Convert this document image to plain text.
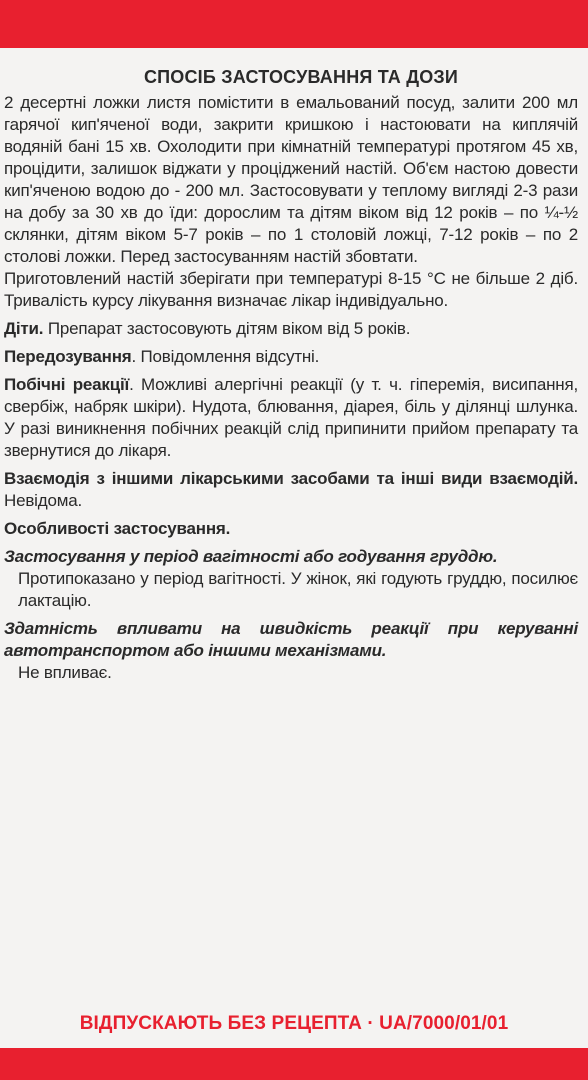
СПОСІБ ЗАСТОСУВАННЯ ТА ДОЗИ

2 десертні ложки листя помістити в емальований посуд, залити 200 мл гарячої кип'яченої води, закрити кришкою і настоювати на киплячій водяній бані 15 хв. Охолодити при кімнатній температурі протягом 45 хв, процідити, залишок віджати у проціджений настій. Об'єм настою довести кип'яченою водою до - 200 мл. Застосовувати у теплому вигляді 2-3 рази на добу за 30 хв до їди: дорослим та дітям віком від 12 років – по ¼-½ склянки, дітям віком 5-7 років – по 1 столовій ложці, 7-12 років – по 2 столові ложки. Перед застосуванням настій збовтати.

Приготовлений настій зберігати при температурі 8-15 °С не більше 2 діб. Тривалість курсу лікування визначає лікар індивідуально.

Діти. Препарат застосовують дітям віком від 5 років.

Передозування. Повідомлення відсутні.

Побічні реакції. Можливі алергічні реакції (у т. ч. гіперемія, висипання, свербіж, набряк шкіри). Нудота, блювання, діарея, біль у ділянці шлунка. У разі виникнення побічних реакцій слід припинити прийом препарату та звернутися до лікаря.

Взаємодія з іншими лікарськими засобами та інші види взаємодій. Невідома.

Особливості застосування.

Застосування у період вагітності або годування груддю.

Протипоказано у період вагітності. У жінок, які годують груддю, посилює лактацію.

Здатність впливати на швидкість реакції при керуванні автотранспортом або іншими механізмами.

Не впливає.

ВІДПУСКАЮТЬ БЕЗ РЕЦЕПТА · UA/7000/01/01
